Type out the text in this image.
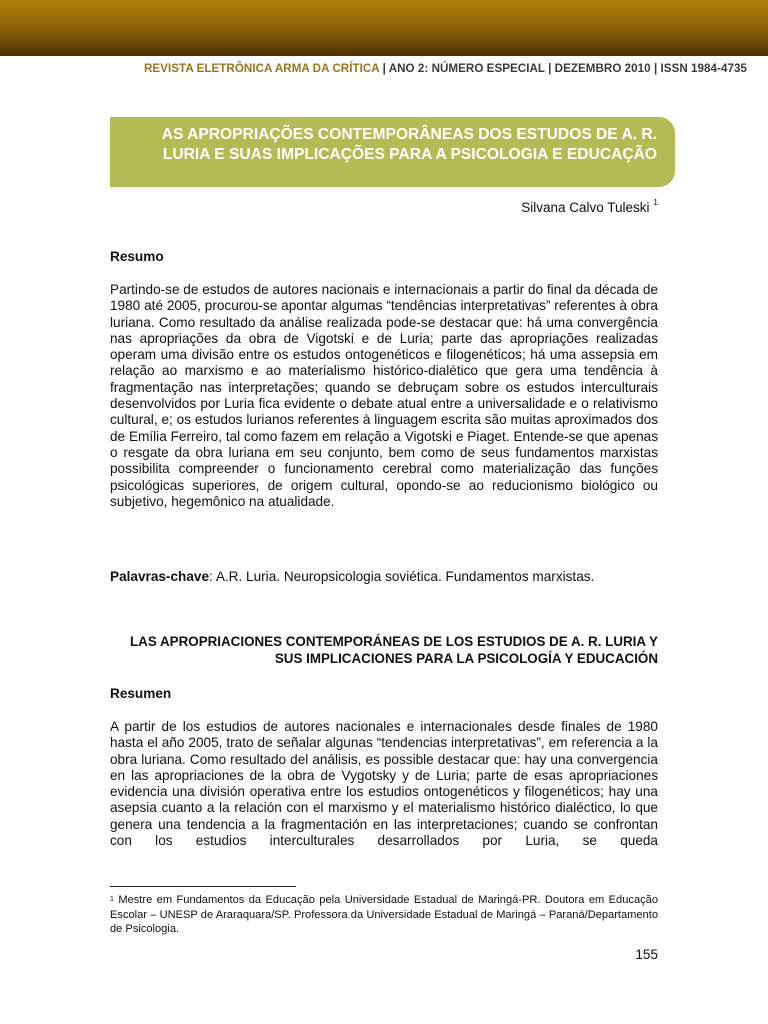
REVISTA ELETRÔNICA ARMA DA CRÍTICA | ANO 2: NÚMERO ESPECIAL | DEZEMBRO 2010 | ISSN 1984-4735
AS APROPRIAÇÕES CONTEMPORÂNEAS DOS ESTUDOS DE A. R. LURIA E SUAS IMPLICAÇÕES PARA A PSICOLOGIA E EDUCAÇÃO
Silvana Calvo Tuleski $^1$
Resumo
Partindo-se de estudos de autores nacionais e internacionais a partir do final da década de 1980 até 2005, procurou-se apontar algumas “tendências interpretativas” referentes à obra luriana. Como resultado da análise realizada pode-se destacar que: há uma convergência nas apropriações da obra de Vigotski e de Luria; parte das apropriações realizadas operam uma divisão entre os estudos ontogenéticos e filogenéticos; há uma assepsia em relação ao marxismo e ao materialismo histórico-dialético que gera uma tendência à fragmentação nas interpretações; quando se debruçam sobre os estudos interculturais desenvolvidos por Luria fica evidente o debate atual entre a universalidade e o relativismo cultural, e; os estudos lurianos referentes à linguagem escrita são muitas aproximados dos de Emília Ferreiro, tal como fazem em relação a Vigotski e Piaget. Entende-se que apenas o resgate da obra luriana em seu conjunto, bem como de seus fundamentos marxistas possibilita compreender o funcionamento cerebral como materialização das funções psicológicas superiores, de origem cultural, opondo-se ao reducionismo biológico ou subjetivo, hegemônico na atualidade.
Palavras-chave: A.R. Luria. Neuropsicologia soviética. Fundamentos marxistas.
LAS APROPRIACIONES CONTEMPORÁNEAS DE LOS ESTUDIOS DE A. R. LURIA Y SUS IMPLICACIONES PARA LA PSICOLOGÍA Y EDUCACIÓN
Resumen
A partir de los estudios de autores nacionales e internacionales desde finales de 1980 hasta el año 2005, trato de señalar algunas “tendencias interpretativas”, em referencia a la obra luriana. Como resultado del análisis, es possible destacar que: hay una convergencia en las apropriaciones de la obra de Vygotsky y de Luria; parte de esas apropriaciones evidencia una división operativa entre los estudios ontogenéticos y filogenéticos; hay una asepsia cuanto a la relación con el marxismo y el materialismo histórico dialéctico, lo que genera una tendencia a la fragmentación en las interpretaciones; cuando se confrontan con los estudios interculturales desarrollados por Luria, se queda
$^1$ Mestre em Fundamentos da Educação pela Universidade Estadual de Maringá-PR. Doutora em Educação Escolar – UNESP de Araraquara/SP. Professora da Universidade Estadual de Maringá – Paraná/Departamento de Psicologia.
155
